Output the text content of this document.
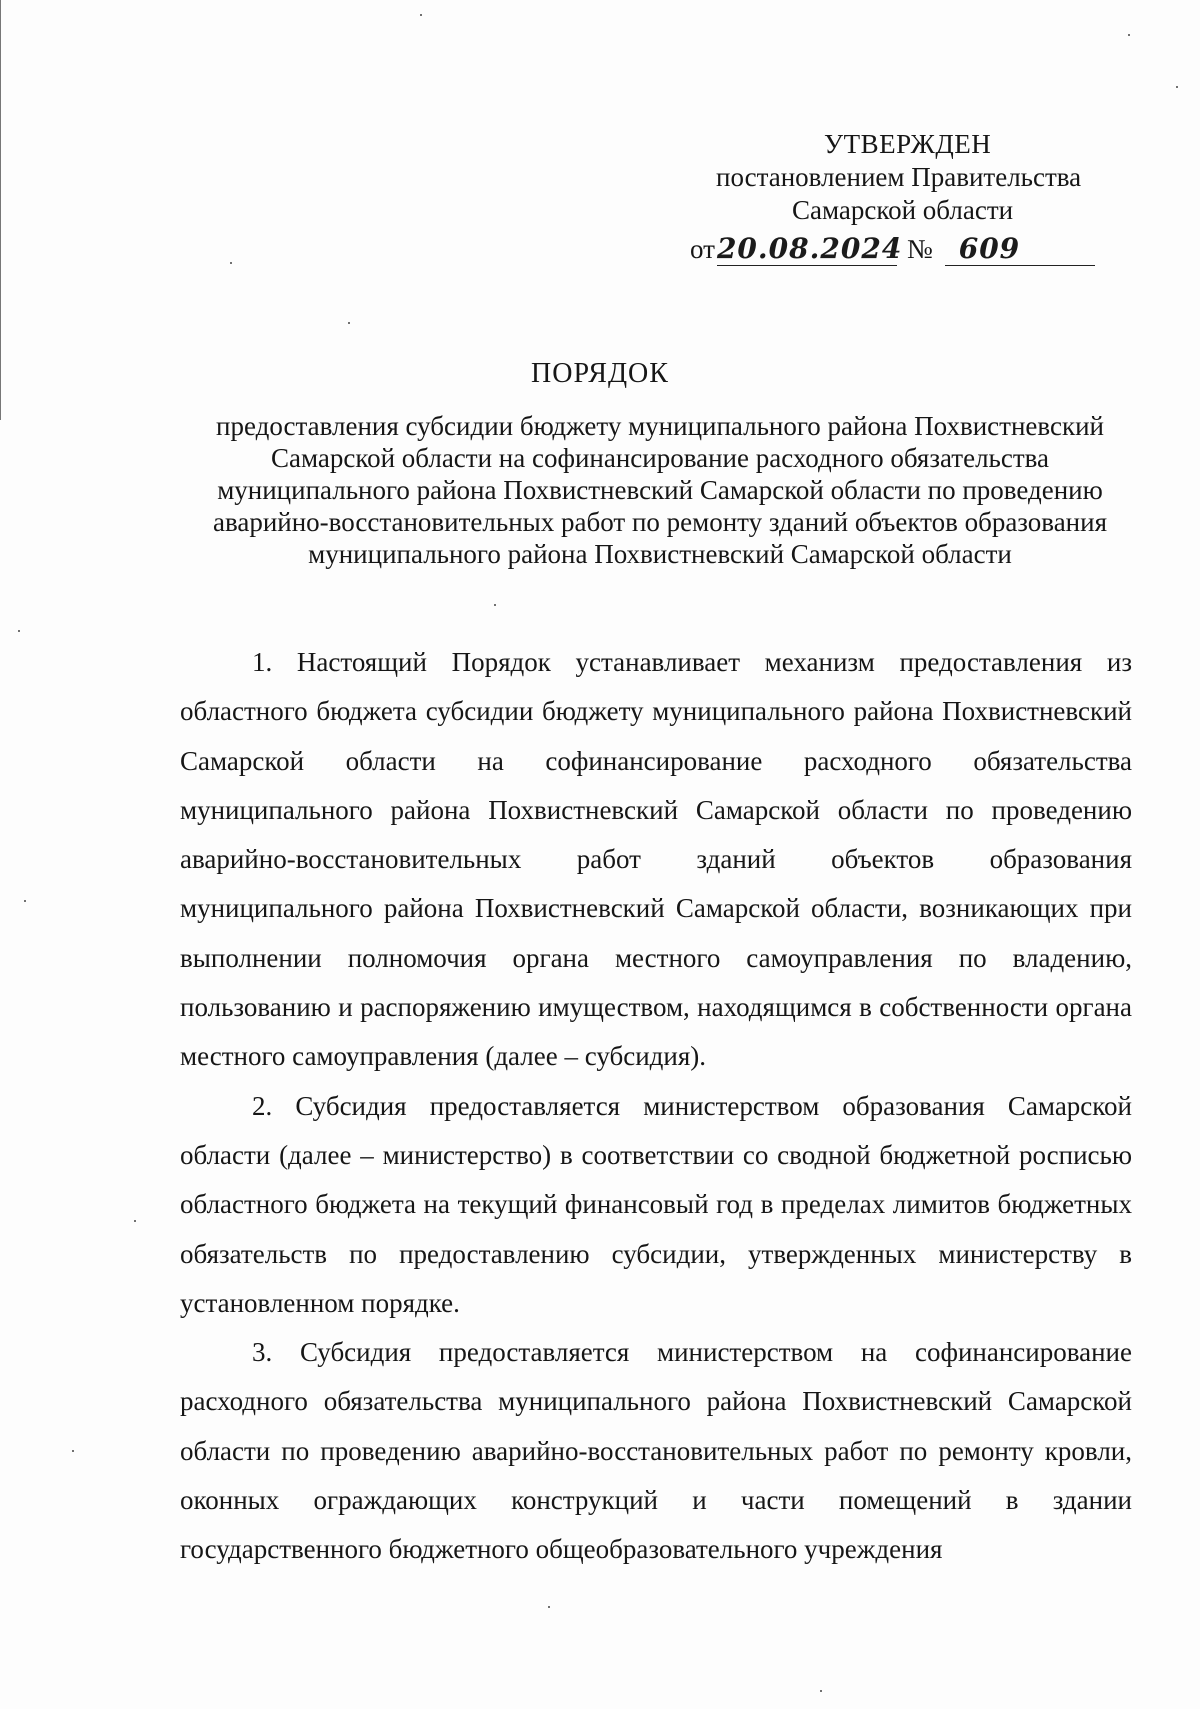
УТВЕРЖДЕН
постановлением Правительства
Самарской области
от20.08.2024 № 609
ПОРЯДОК
предоставления субсидии бюджету муниципального района Похвистневский Самарской области на софинансирование расходного обязательства муниципального района Похвистневский Самарской области по проведению аварийно-восстановительных работ по ремонту зданий объектов образования муниципального района Похвистневский Самарской области

1. Настоящий Порядок устанавливает механизм предоставления из областного бюджета субсидии бюджету муниципального района Похвистневский Самарской области на софинансирование расходного обязательства муниципального района Похвистневский Самарской области по проведению аварийно-восстановительных работ зданий объектов образования муниципального района Похвистневский Самарской области, возникающих при выполнении полномочия органа местного самоуправления по владению, пользованию и распоряжению имуществом, находящимся в собственности органа местного самоуправления (далее – субсидия).

2. Субсидия предоставляется министерством образования Самарской области (далее – министерство) в соответствии со сводной бюджетной росписью областного бюджета на текущий финансовый год в пределах лимитов бюджетных обязательств по предоставлению субсидии, утвержденных министерству в установленном порядке.

3. Субсидия предоставляется министерством на софинансирование расходного обязательства муниципального района Похвистневский Самарской области по проведению аварийно-восстановительных работ по ремонту кровли, оконных ограждающих конструкций и части помещений в здании государственного бюджетного общеобразовательного учреждения
